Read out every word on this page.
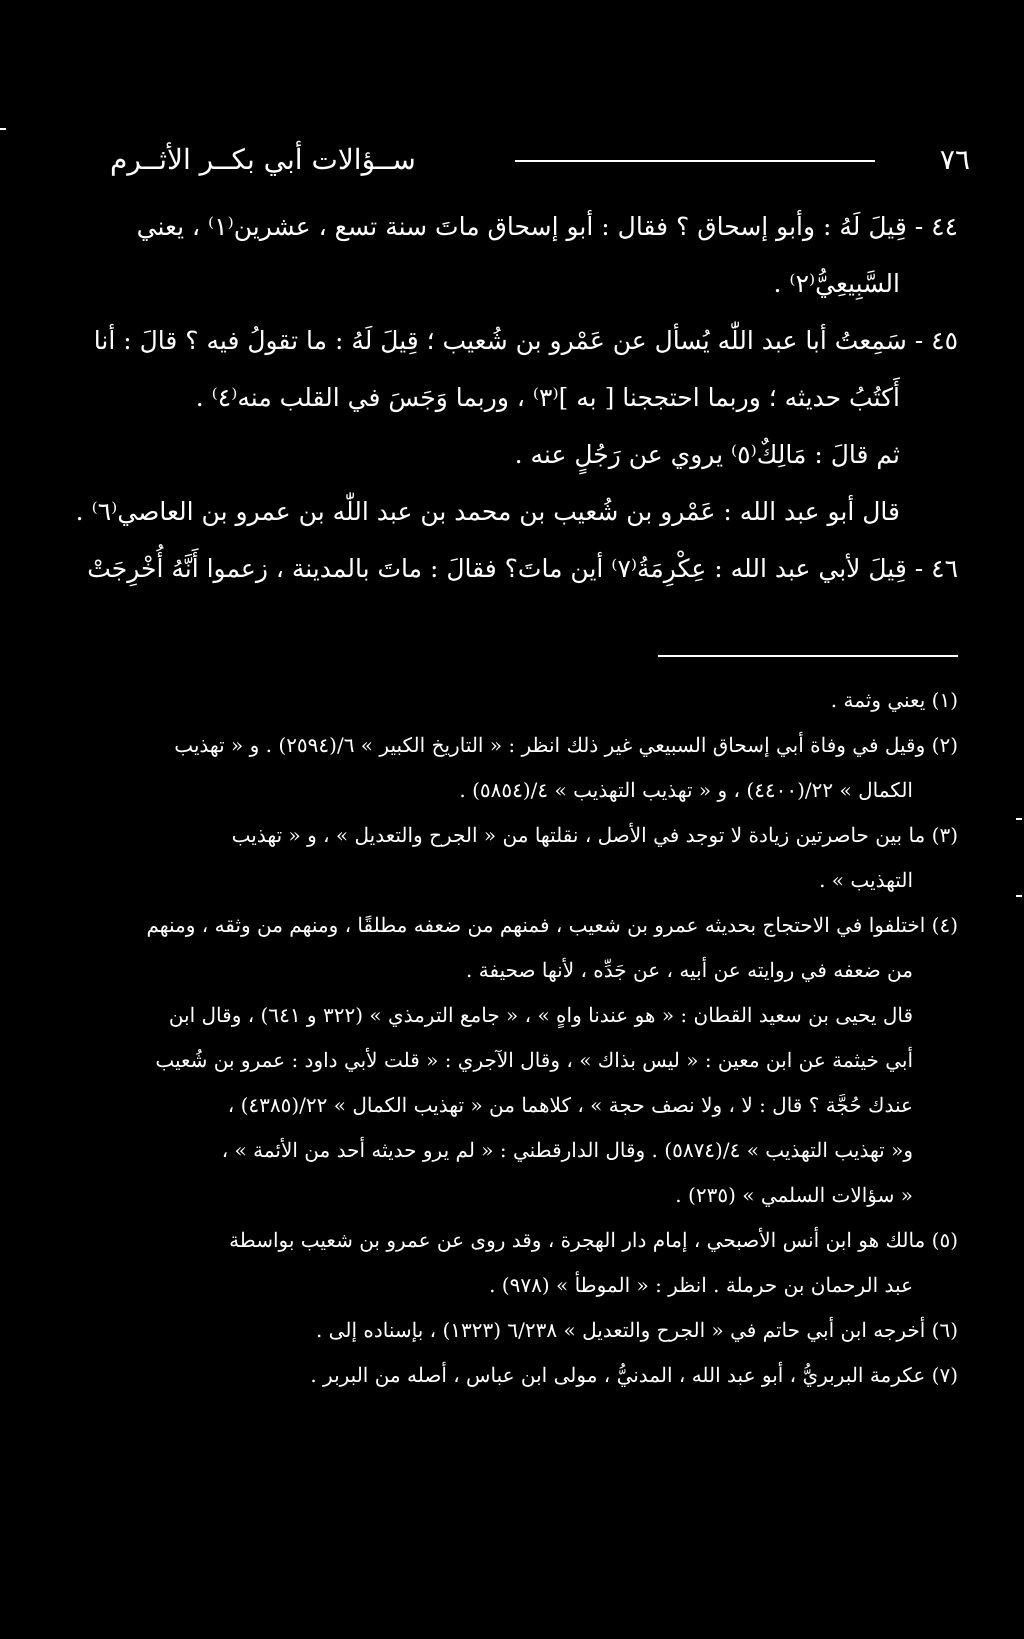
٧٦
ســؤالات أبي بكــر الأثــرم
٤٤ - قِيلَ لَهُ : وأبو إسحاق ؟ فقال : أبو إسحاق ماتَ سنة تسع ، عشرين⁽١⁾ ، يعني
السَّبِيعِيُّ⁽٢⁾ .
٤٥ - سَمِعتُ أبا عبد اللّٰه يُسأل عن عَمْرو بن شُعيب ؛ قِيلَ لَهُ : ما تقولُ فيه ؟ قالَ : أنا
أَكتُبُ حديثه ؛ وربما احتججنا [ به ]⁽٣⁾ ، وربما وَجَسَ في القلب منه⁽٤⁾ .
ثم قالَ : مَالِكٌ⁽٥⁾ يروي عن رَجُلٍ عنه .
قال أبو عبد الله : عَمْرو بن شُعيب بن محمد بن عبد اللّٰه بن عمرو بن العاصي⁽٦⁾ .
٤٦ - قِيلَ لأبي عبد الله : عِكْرِمَةُ⁽٧⁾ أين ماتَ؟ فقالَ : ماتَ بالمدينة ، زعموا أَنَّهُ أُخْرِجَتْ
(١) يعني وثمة .
(٢) وقيل في وفاة أبي إسحاق السبيعي غير ذلك انظر : « التاريخ الكبير » ٦/(٢٥٩٤) . و « تهذيب
الكمال » ٢٢/(٤٤٠٠) ، و « تهذيب التهذيب » ٤/(٥٨٥٤) .
(٣) ما بين حاصرتين زيادة لا توجد في الأصل ، نقلتها من « الجرح والتعديل » ، و « تهذيب
التهذيب » .
(٤) اختلفوا في الاحتجاج بحديثه عمرو بن شعيب ، فمنهم من ضعفه مطلقًا ، ومنهم من وثقه ، ومنهم
من ضعفه في روايته عن أبيه ، عن جَدِّه ، لأنها صحيفة .
قال يحيى بن سعيد القطان : « هو عندنا واهٍ » ، « جامع الترمذي » (٣٢٢ و ٦٤١) ، وقال ابن
أبي خيثمة عن ابن معين : « ليس بذاك » ، وقال الآجري : « قلت لأبي داود : عمرو بن شُعيب
عندك حُجَّة ؟ قال : لا ، ولا نصف حجة » ، كلاهما من « تهذيب الكمال » ٢٢/(٤٣٨٥) ،
و« تهذيب التهذيب » ٤/(٥٨٧٤) . وقال الدارقطني : « لم يرو حديثه أحد من الأئمة » ،
« سؤالات السلمي » (٢٣٥) .
(٥) مالك هو ابن أنس الأصبحي ، إمام دار الهجرة ، وقد روى عن عمرو بن شعيب بواسطة
عبد الرحمان بن حرملة . انظر : « الموطأ » (٩٧٨) .
(٦) أخرجه ابن أبي حاتم في « الجرح والتعديل » ٦/٢٣٨ (١٣٢٣) ، بإسناده إلى .
(٧) عكرمة البربريُّ ، أبو عبد الله ، المدنيُّ ، مولى ابن عباس ، أصله من البربر .
